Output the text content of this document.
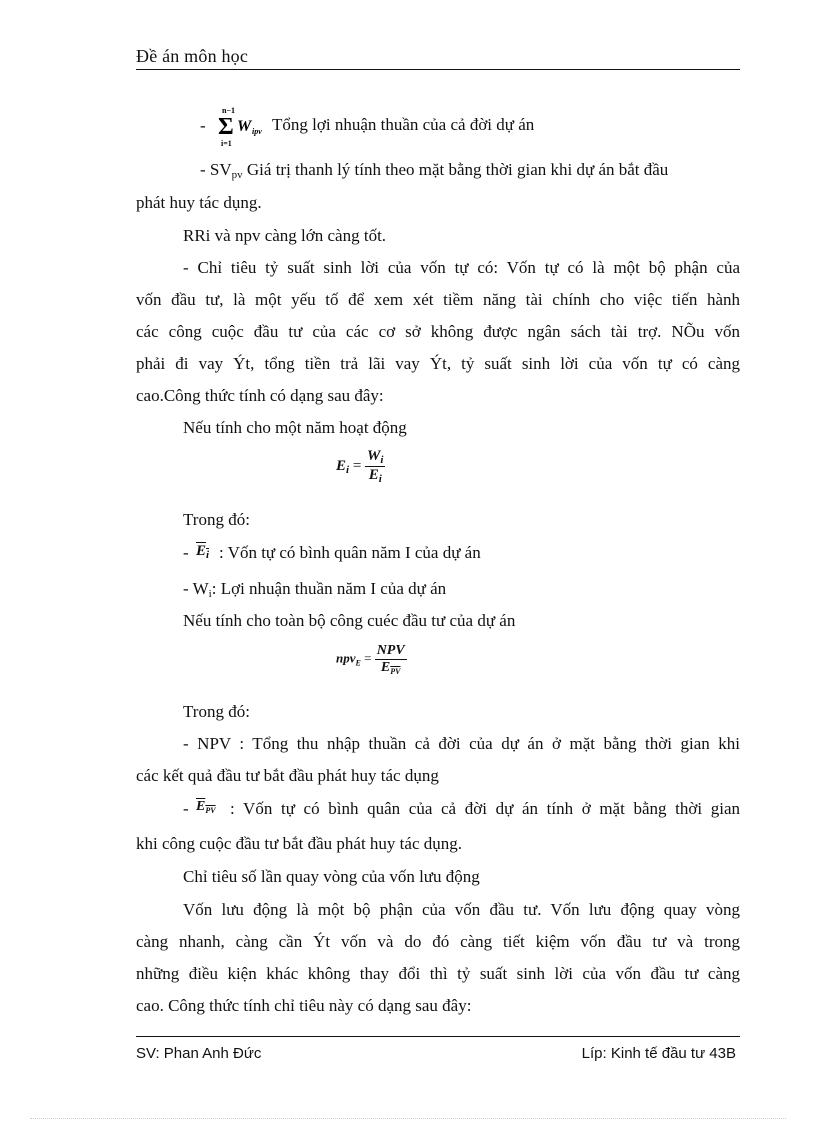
Đề án môn học
-
n−1
Σ
i=1
W ipv Tổng lợi nhuận thuần của cả đời dự án
- $SV_{pv}$ Giá trị thanh lý tính theo mặt bằng thời gian khi dự án bắt đầu
phát huy tác dụng.
RRi và npv càng lớn càng tốt.
- Chỉ tiêu tỷ suất sinh lời của vốn tự có: Vốn tự có là một bộ phận của
vốn đầu tư, là một yếu tố để xem xét tiềm năng tài chính cho việc tiến hành
các công cuộc đầu tư của các cơ sở không được ngân sách tài trợ. NÕu vốn
phải đi vay Ýt, tổng tiền trả lãi vay Ýt, tỷ suất sinh lời của vốn tự có càng
cao.Công thức tính có dạng sau đây:
Nếu tính cho một năm hoạt động
$E_i = \frac{W_i}{E_i}$
Trong đó:
- $E_i$ : Vốn tự có bình quân năm I của dự án
- $W_i$: Lợi nhuận thuần năm I của dự án
Nếu tính cho toàn bộ công cuéc đầu tư của dự án
$npv_E = \frac{\text{NPV}}{E_{PV}}$
Trong đó:
- NPV : Tổng thu nhập thuần cả đời của dự án ở mặt bằng thời gian khi
các kết quả đầu tư bắt đầu phát huy tác dụng
- $E_{PV}$ : Vốn tự có bình quân của cả đời dự án tính ở mặt bằng thời gian
khi công cuộc đầu tư bắt đầu phát huy tác dụng.
Chỉ tiêu số lần quay vòng của vốn lưu động
Vốn lưu động là một bộ phận của vốn đầu tư. Vốn lưu động quay vòng
càng nhanh, càng cần Ýt vốn và do đó càng tiết kiệm vốn đầu tư và trong
những điều kiện khác không thay đổi thì tỷ suất sinh lời của vốn đầu tư càng
cao. Công thức tính chỉ tiêu này có dạng sau đây:
SV: Phan Anh Đức	Líp: Kinh tế đầu tư 43B
